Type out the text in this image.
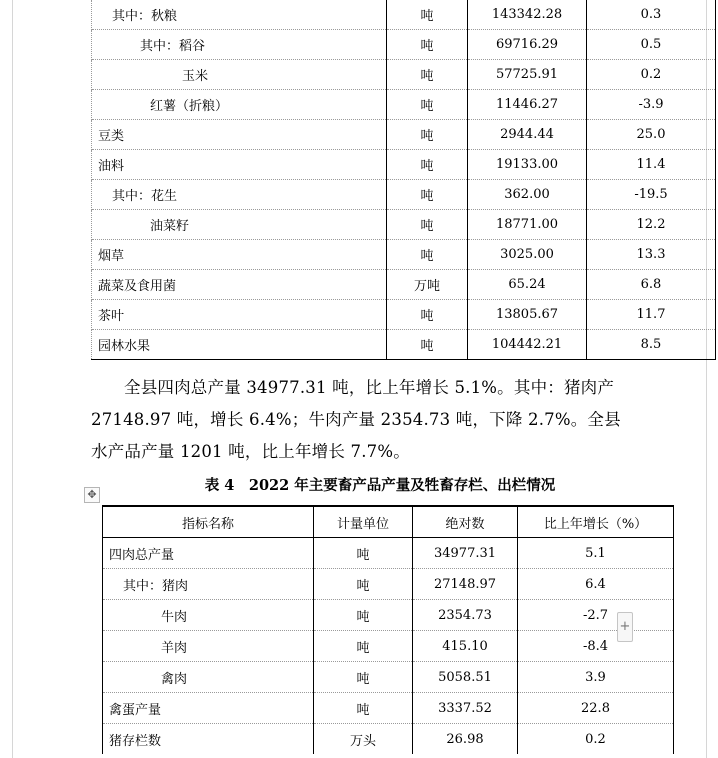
其中：秋粮	吨	143342.28	0.3
其中：稻谷	吨	69716.29	0.5
玉米	吨	57725.91	0.2
红薯（折粮）	吨	11446.27	-3.9
豆类	吨	2944.44	25.0
油料	吨	19133.00	11.4
其中：花生	吨	362.00	-19.5
油菜籽	吨	18771.00	12.2
烟草	吨	3025.00	13.3
蔬菜及食用菌	万吨	65.24	6.8
茶叶	吨	13805.67	11.7
园林水果	吨	104442.21	8.5

全县四肉总产量 34977.31 吨，比上年增长 5.1%。其中：猪肉产 27148.97 吨，增长 6.4%；牛肉产量 2354.73 吨，下降 2.7%。全县水产品产量 1201 吨，比上年增长 7.7%。

✥
表 4　2022 年主要畜产品产量及牲畜存栏、出栏情况
指标名称	计量单位	绝对数	比上年增长（%）
四肉总产量	吨	34977.31	5.1
其中：猪肉	吨	27148.97	6.4
牛肉	吨	2354.73	-2.7
羊肉	吨	415.10	-8.4
禽肉	吨	5058.51	3.9
禽蛋产量	吨	3337.52	22.8
猪存栏数	万头	26.98	0.2
+
